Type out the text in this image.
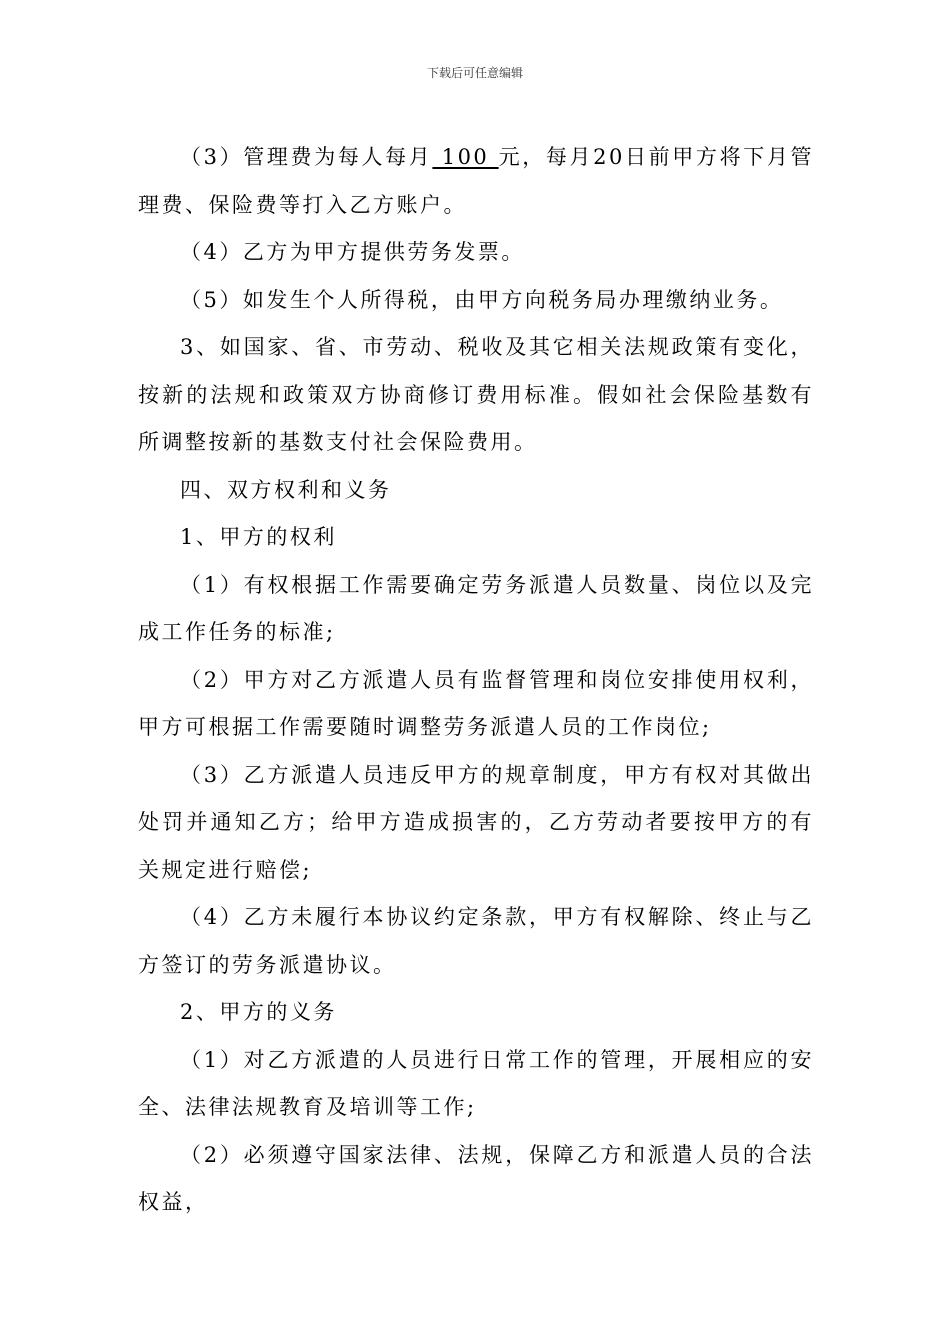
下载后可任意编辑

（3）管理费为每人每月 100 元，每月20日前甲方将下月管理费、保险费等打入乙方账户。

（4）乙方为甲方提供劳务发票。

（5）如发生个人所得税，由甲方向税务局办理缴纳业务。

3、如国家、省、市劳动、税收及其它相关法规政策有变化，按新的法规和政策双方协商修订费用标准。假如社会保险基数有所调整按新的基数支付社会保险费用。

四、双方权利和义务

1、甲方的权利

（1）有权根据工作需要确定劳务派遣人员数量、岗位以及完成工作任务的标准;

（2）甲方对乙方派遣人员有监督管理和岗位安排使用权利，甲方可根据工作需要随时调整劳务派遣人员的工作岗位;

（3）乙方派遣人员违反甲方的规章制度，甲方有权对其做出处罚并通知乙方；给甲方造成损害的，乙方劳动者要按甲方的有关规定进行赔偿;

（4）乙方未履行本协议约定条款，甲方有权解除、终止与乙方签订的劳务派遣协议。

2、甲方的义务

（1）对乙方派遣的人员进行日常工作的管理，开展相应的安全、法律法规教育及培训等工作;

（2）必须遵守国家法律、法规，保障乙方和派遣人员的合法权益，
